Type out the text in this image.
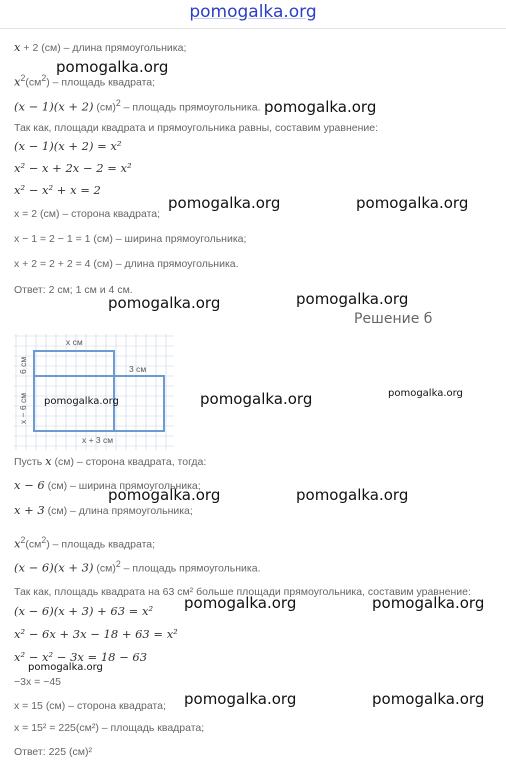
pomogalka.org
x + 2 (см) – длина прямоугольника;
$x^2(см^2)$ – площадь квадрата;
(x − 1)(x + 2) (см)$^2$ – площадь прямоугольника.
Так как, площади квадрата и прямоугольника равны, составим уравнение:
(x − 1)(x + 2) = x²
x² − x + 2x − 2 = x²
x² − x² + x = 2
x = 2 (см) – сторона квадрата;
x − 1 = 2 − 1 = 1 (см) – ширина прямоугольника;
x + 2 = 2 + 2 = 4 (см) – длина прямоугольника.
Ответ: 2 см; 1 см и 4 см.
Решение б
x см
3 см
x + 3 см
6 см
x − 6 см
Пусть x (см) – сторона квадрата, тогда:
x − 6 (см) – ширина прямоугольника;
x + 3 (см) – длина прямоугольника;
$x^2(см^2)$ – площадь квадрата;
(x − 6)(x + 3) (см)$^2$ – площадь прямоугольника.
Так как, площадь квадрата на 63 см² больше площади прямоугольника, составим уравнение:
(x − 6)(x + 3) + 63 = x²
x² − 6x + 3x − 18 + 63 = x²
x² − x² − 3x = 18 − 63
−3x = −45
x = 15 (см) – сторона квадрата;
x = 15² = 225(см²) – площадь квадрата;
Ответ: 225 (см)²
pomogalka.org
pomogalka.org
pomogalka.org	pomogalka.org
pomogalka.org	pomogalka.org
pomogalka.org	pomogalka.org	pomogalka.org
pomogalka.org	pomogalka.org
pomogalka.org	pomogalka.org
pomogalka.org
pomogalka.org	pomogalka.org
